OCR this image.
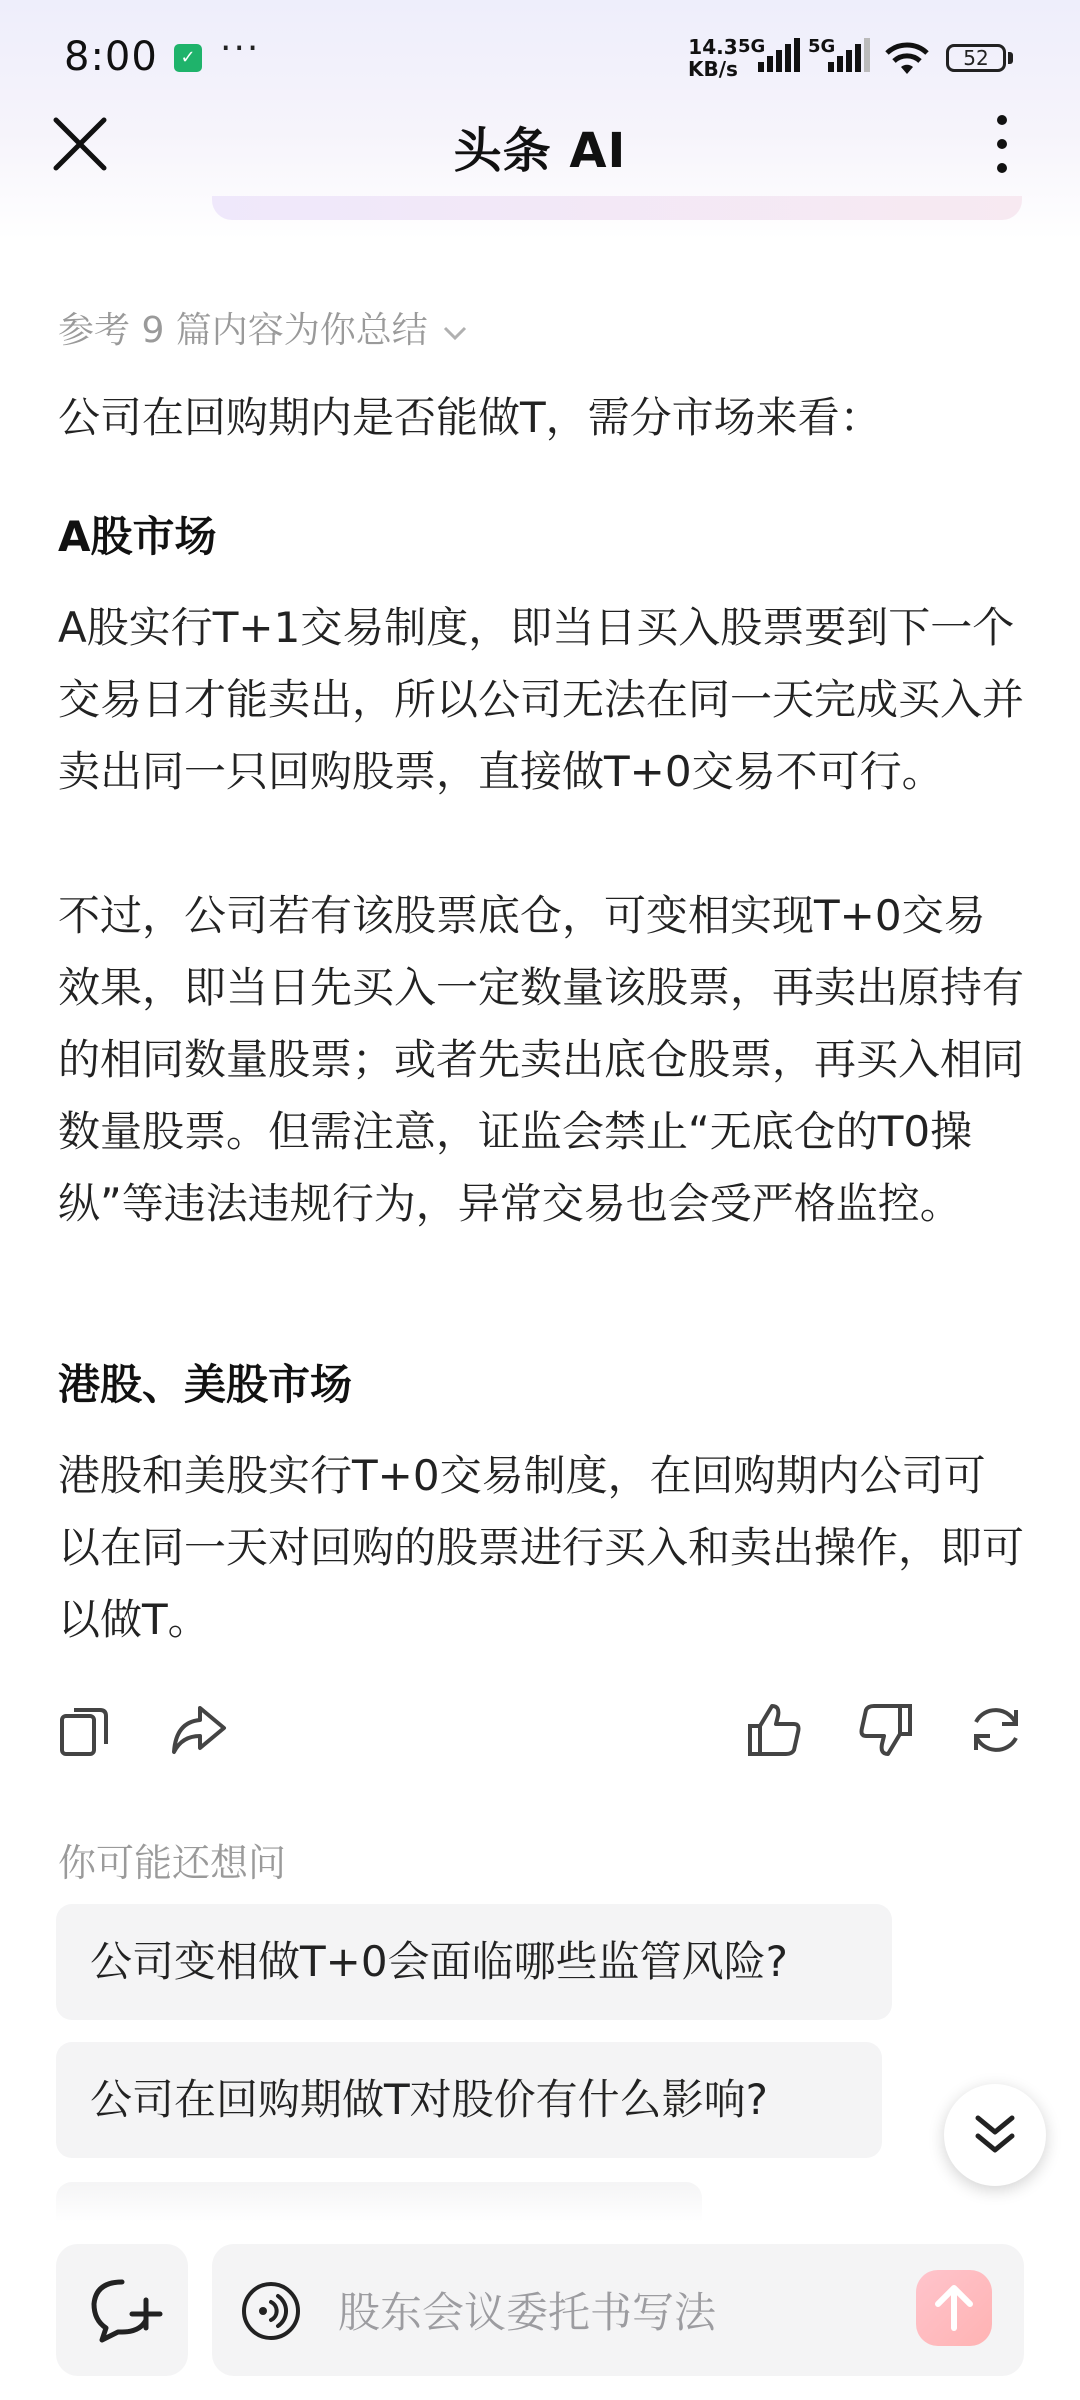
8:00	✓ ···	14.3
KB/s
5G 5G	52
头条 AI
参考 9 篇内容为你总结

公司在回购期内是否能做T，需分市场来看：

A股市场

A股实行T+1交易制度，即当日买入股票要到下一个交易日才能卖出，所以公司无法在同一天完成买入并卖出同一只回购股票，直接做T+0交易不可行。

不过，公司若有该股票底仓，可变相实现T+0交易效果，即当日先买入一定数量该股票，再卖出原持有的相同数量股票；或者先卖出底仓股票，再买入相同数量股票。但需注意，证监会禁止“无底仓的T0操纵”等违法违规行为，异常交易也会受严格监控。

港股、美股市场

港股和美股实行T+0交易制度，在回购期内公司可以在同一天对回购的股票进行买入和卖出操作，即可以做T。

你可能还想问
公司变相做T+0会面临哪些监管风险?
公司在回购期做T对股价有什么影响?
股东会议委托书写法
